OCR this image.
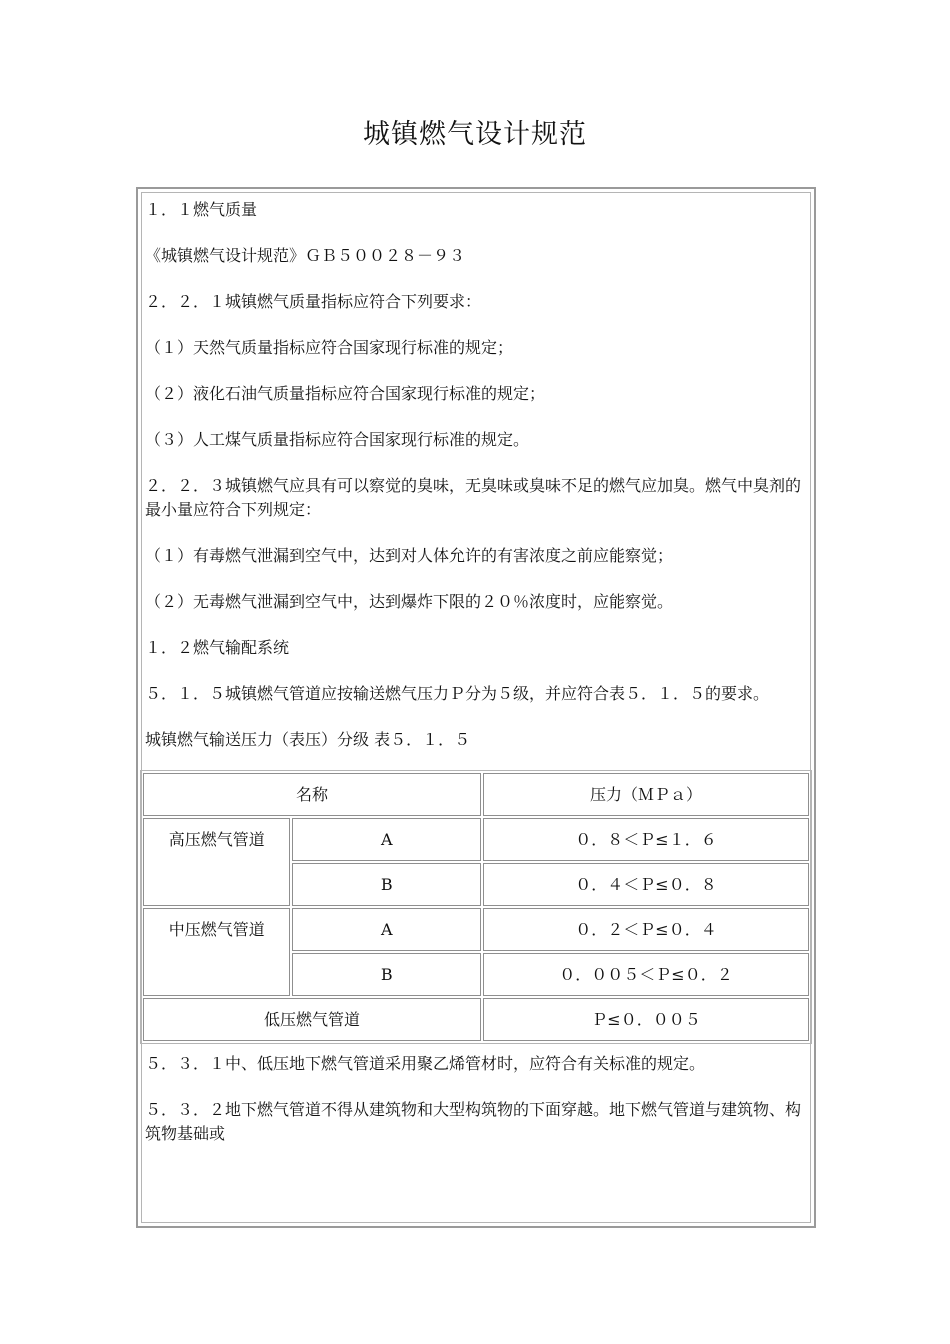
城镇燃气设计规范

１．１燃气质量

《城镇燃气设计规范》ＧＢ５００２８－９３

２．２．１城镇燃气质量指标应符合下列要求：

（１）天然气质量指标应符合国家现行标准的规定；

（２）液化石油气质量指标应符合国家现行标准的规定；

（３）人工煤气质量指标应符合国家现行标准的规定。

２．２．３城镇燃气应具有可以察觉的臭味，无臭味或臭味不足的燃气应加臭。燃气中臭剂的最小量应符合下列规定：

（１）有毒燃气泄漏到空气中，达到对人体允许的有害浓度之前应能察觉；

（２）无毒燃气泄漏到空气中，达到爆炸下限的２０％浓度时，应能察觉。

１．２燃气输配系统

５．１．５城镇燃气管道应按输送燃气压力Ｐ分为５级，并应符合表５．１．５的要求。

城镇燃气输送压力（表压）分级 表５．１．５

名称		压力（ＭＰａ）
高压燃气管道	A	０．８＜Ｐ≤１．６
	B	０．４＜Ｐ≤０．８
中压燃气管道	A	０．２＜Ｐ≤０．４
	B	０．００５＜Ｐ≤０．２
低压燃气管道		Ｐ≤０．００５

５．３．１中、低压地下燃气管道采用聚乙烯管材时，应符合有关标准的规定。

５．３．２地下燃气管道不得从建筑物和大型构筑物的下面穿越。地下燃气管道与建筑物、构筑物基础或
